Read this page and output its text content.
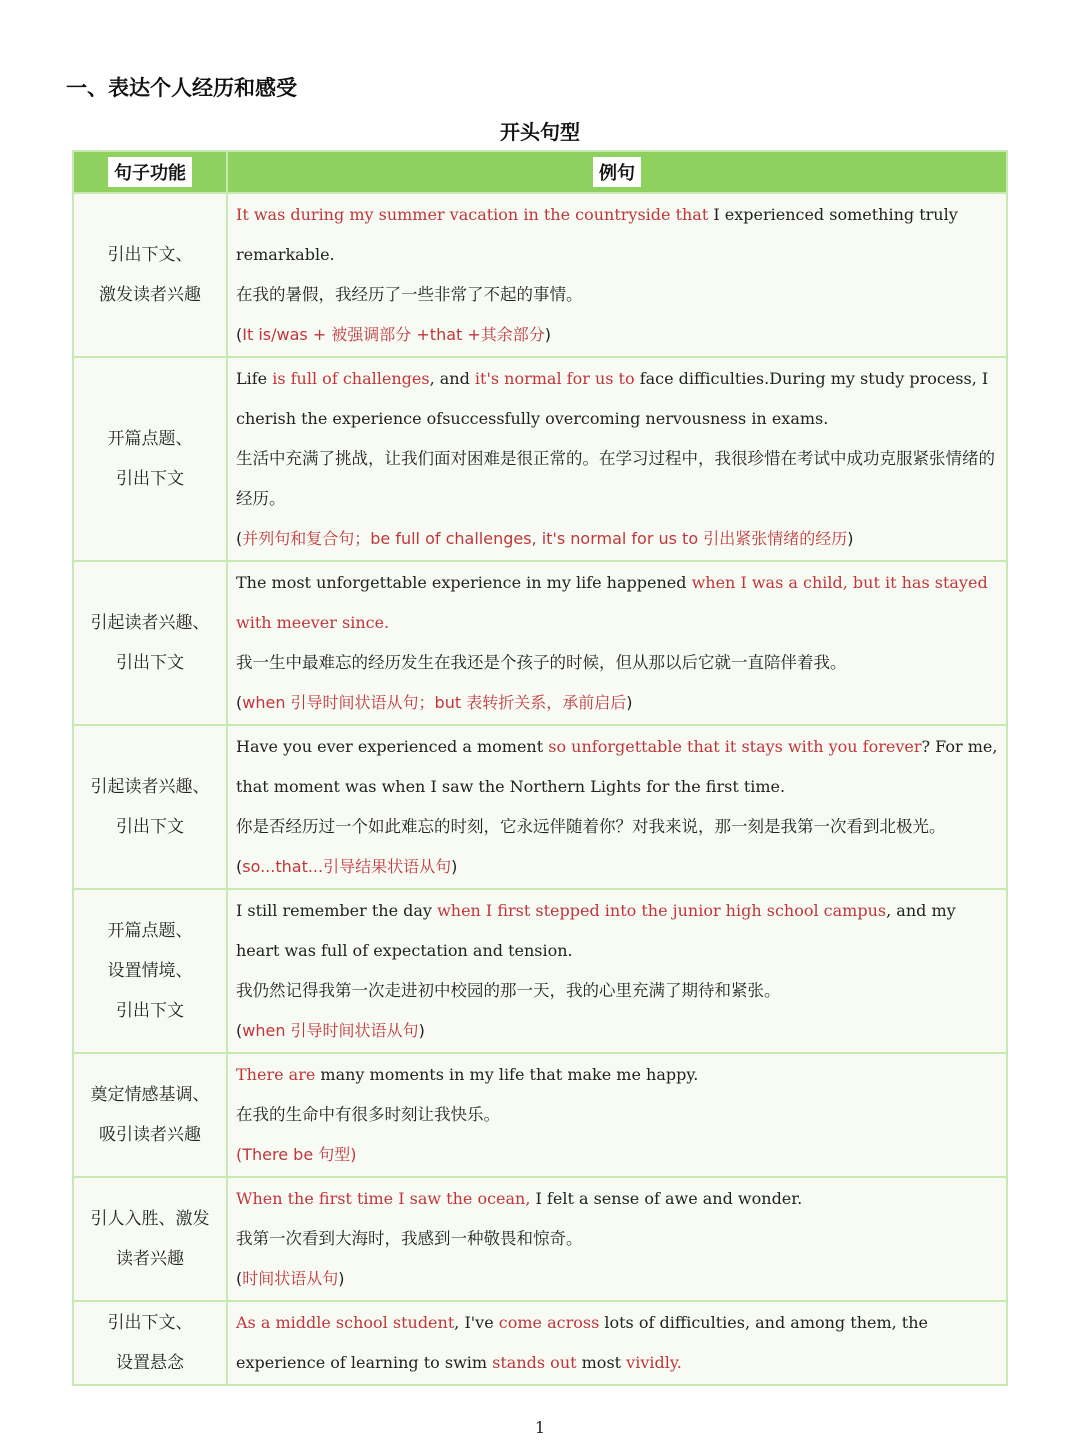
一、表达个人经历和感受
开头句型
句子功能	例句

引出下文、
激发读者兴趣	It was during my summer vacation in the countryside that I experienced something truly remarkable.
在我的暑假，我经历了一些非常了不起的事情。
(It is/was + 被强调部分 +that +其余部分)

开篇点题、
引出下文	Life is full of challenges, and it's normal for us to face difficulties.During my study process, I cherish the experience ofsuccessfully overcoming nervousness in exams.
生活中充满了挑战，让我们面对困难是很正常的。在学习过程中，我很珍惜在考试中成功克服紧张情绪的经历。
(并列句和复合句；be full of challenges, it's normal for us to 引出紧张情绪的经历)

引起读者兴趣、
引出下文	The most unforgettable experience in my life happened when I was a child, but it has stayed with meever since.
我一生中最难忘的经历发生在我还是个孩子的时候，但从那以后它就一直陪伴着我。
(when 引导时间状语从句；but 表转折关系，承前启后)

引起读者兴趣、
引出下文	Have you ever experienced a moment so unforgettable that it stays with you forever? For me, that moment was when I saw the Northern Lights for the first time.
你是否经历过一个如此难忘的时刻，它永远伴随着你？对我来说，那一刻是我第一次看到北极光。
(so...that...引导结果状语从句)

开篇点题、
设置情境、
引出下文	I still remember the day when I first stepped into the junior high school campus, and my heart was full of expectation and tension.
我仍然记得我第一次走进初中校园的那一天，我的心里充满了期待和紧张。
(when 引导时间状语从句)

奠定情感基调、
吸引读者兴趣	There are many moments in my life that make me happy.
在我的生命中有很多时刻让我快乐。
(There be 句型)

引人入胜、激发
读者兴趣	When the first time I saw the ocean, I felt a sense of awe and wonder.
我第一次看到大海时，我感到一种敬畏和惊奇。
(时间状语从句)

引出下文、
设置悬念	As a middle school student, I've come across lots of difficulties, and among them, the experience of learning to swim stands out most vividly.
1
